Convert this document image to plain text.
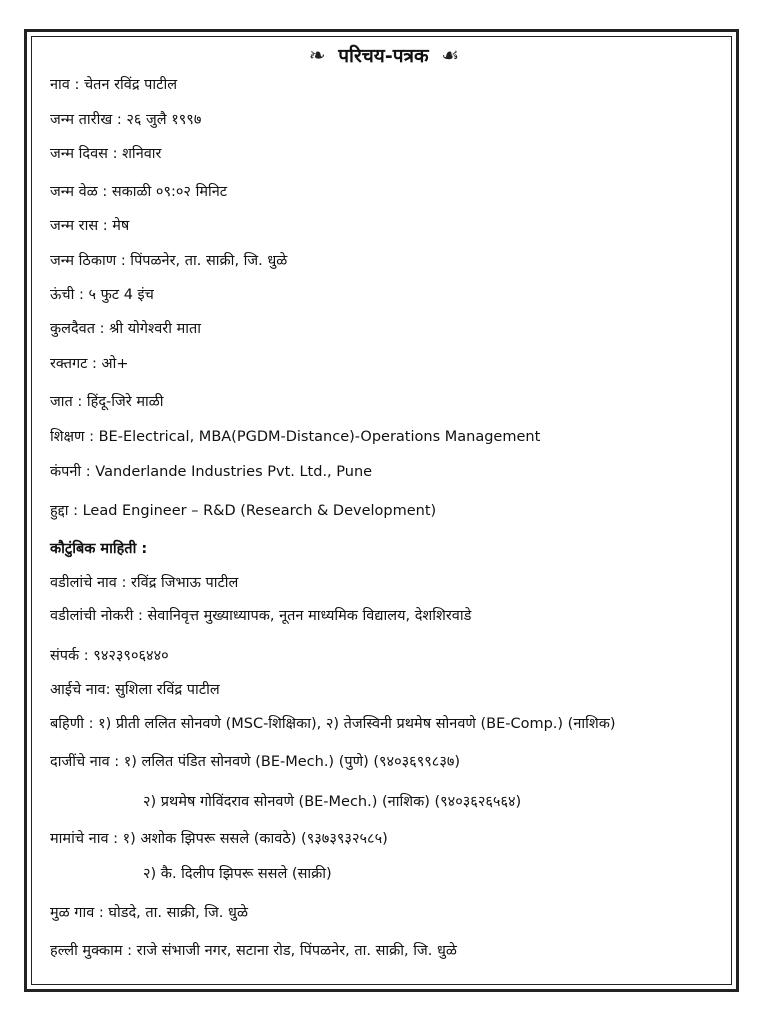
❧ परिचय-पत्रक ☙
नाव : चेतन रविंद्र पाटील
जन्म तारीख : २६ जुलै १९९७
जन्म दिवस : शनिवार
जन्म वेळ : सकाळी ०९:०२ मिनिट
जन्म रास : मेष
जन्म ठिकाण : पिंपळनेर, ता. साक्री, जि. धुळे
ऊंची : ५ फुट 4 इंच
कुलदैवत : श्री योगेश्वरी माता
रक्तगट : ओ+
जात : हिंदू-जिरे माळी
शिक्षण : BE-Electrical, MBA(PGDM-Distance)-Operations Management
कंपनी : Vanderlande Industries Pvt. Ltd., Pune
हुद्दा : Lead Engineer – R&D (Research & Development)
कौटुंबिक माहिती :
वडीलांचे नाव : रविंद्र जिभाऊ पाटील
वडीलांची नोकरी : सेवानिवृत्त मुख्याध्यापक, नूतन माध्यमिक विद्यालय, देशशिरवाडे
संपर्क : ९४२३९०६४४०
आईचे नाव: सुशिला रविंद्र पाटील
बहिणी : १) प्रीती ललित सोनवणे (MSC-शिक्षिका), २) तेजस्विनी प्रथमेष सोनवणे (BE-Comp.) (नाशिक)
दाजींचे नाव : १) ललित पंडित सोनवणे (BE-Mech.) (पुणे) (९४०३६९९८३७)
२) प्रथमेष गोविंदराव सोनवणे (BE-Mech.) (नाशिक) (९४०३६२६५६४)
मामांचे नाव : १) अशोक झिपरू ससले (कावठे) (९३७३९३२५८५)
२) कै. दिलीप झिपरू ससले (साक्री)
मुळ गाव : घोडदे, ता. साक्री, जि. धुळे
हल्ली मुक्काम : राजे संभाजी नगर, सटाना रोड, पिंपळनेर, ता. साक्री, जि. धुळे
